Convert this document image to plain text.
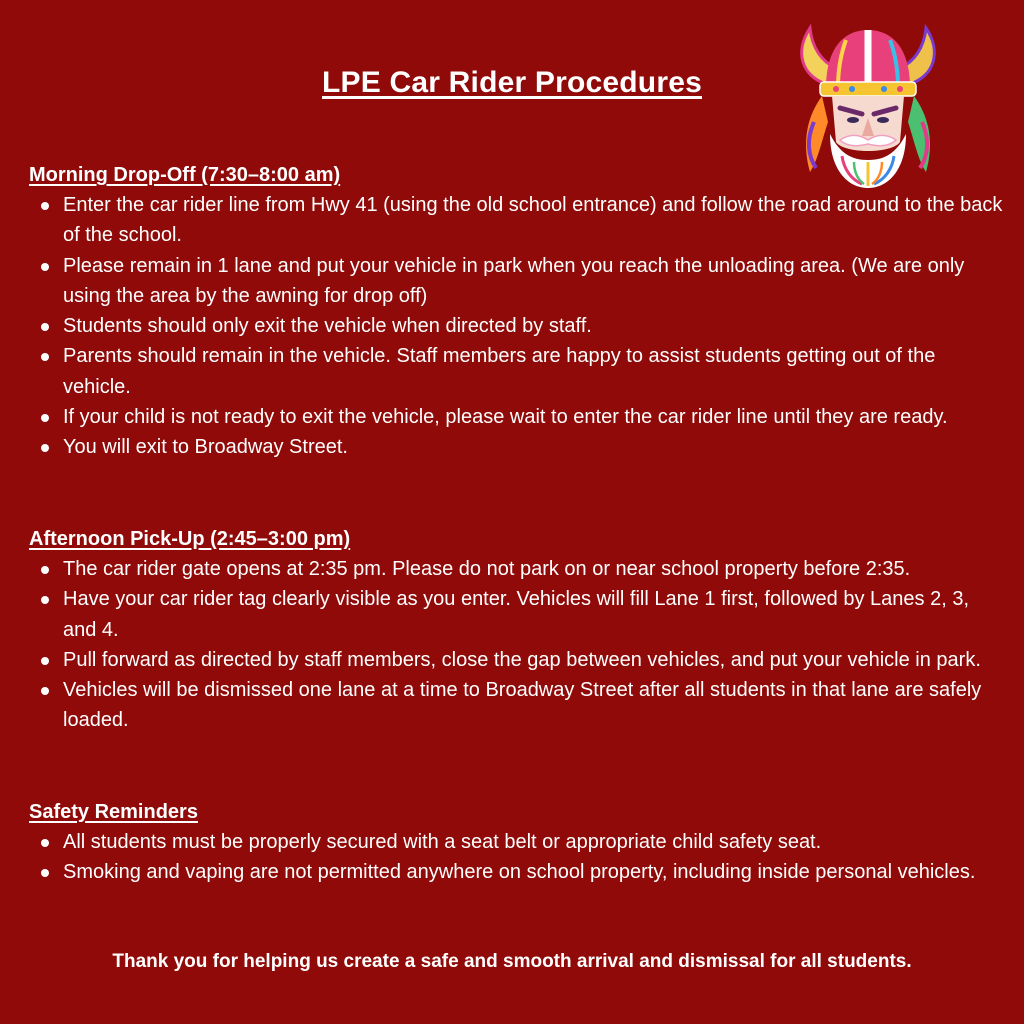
LPE Car Rider Procedures
Morning Drop-Off (7:30–8:00 am)
Enter the car rider line from Hwy 41 (using the old school entrance) and follow the road around to the back of the school.
Please remain in 1 lane and put your vehicle in park when you reach the unloading area. (We are only using the area by the awning for drop off)
Students should only exit the vehicle when directed by staff.
Parents should remain in the vehicle. Staff members are happy to assist students getting out of the vehicle.
If your child is not ready to exit the vehicle, please wait to enter the car rider line until they are ready.
You will exit to Broadway Street.
Afternoon Pick-Up (2:45–3:00 pm)
The car rider gate opens at 2:35 pm. Please do not park on or near school property before 2:35.
Have your car rider tag clearly visible as you enter. Vehicles will fill Lane 1 first, followed by Lanes 2, 3, and 4.
Pull forward as directed by staff members, close the gap between vehicles, and put your vehicle in park.
Vehicles will be dismissed one lane at a time to Broadway Street after all students in that lane are safely loaded.
Safety Reminders
All students must be properly secured with a seat belt or appropriate child safety seat.
Smoking and vaping are not permitted anywhere on school property, including inside personal vehicles.

Thank you for helping us create a safe and smooth arrival and dismissal for all students.
